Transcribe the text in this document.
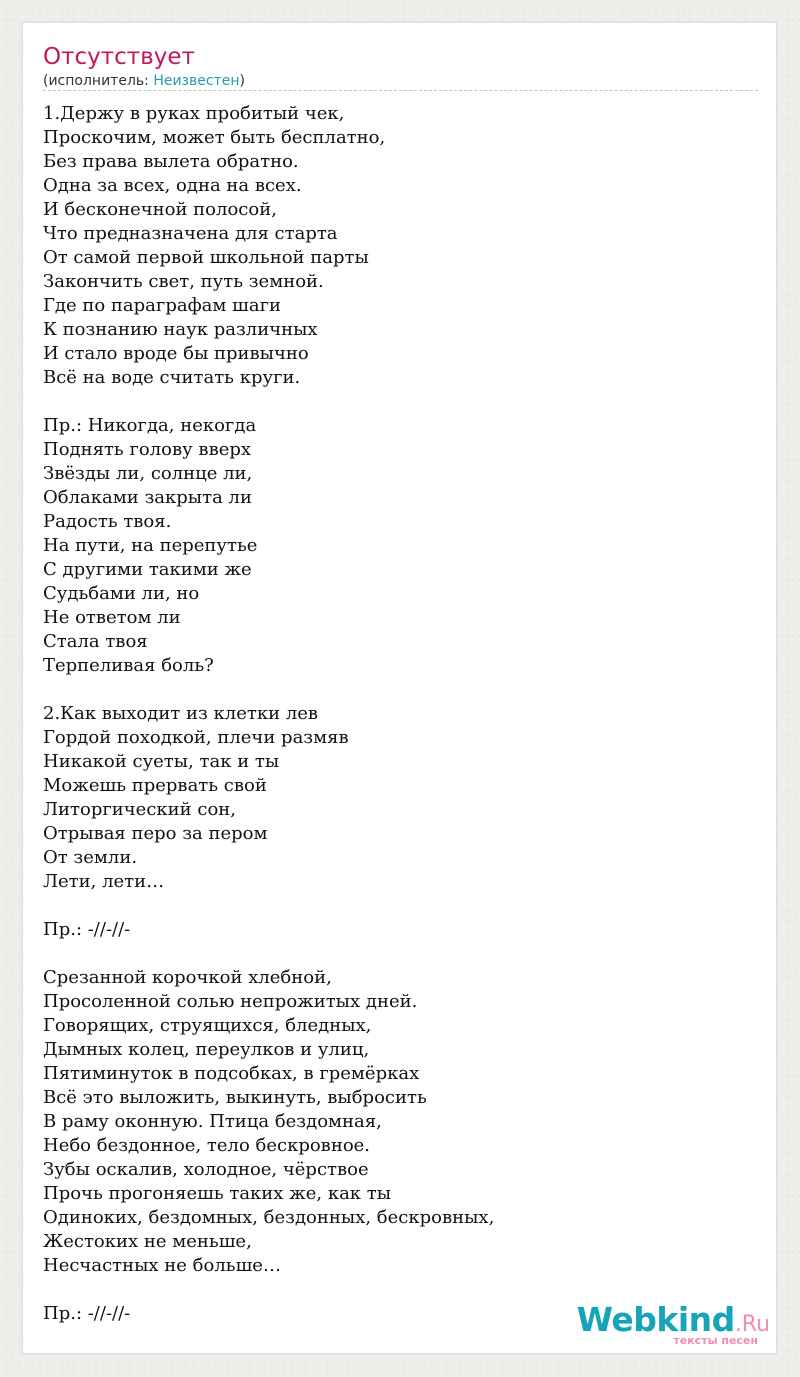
Отсутствует
(исполнитель: Неизвестен)
1.Держу в руках пробитый чек,
Проскочим, может быть бесплатно,
Без права вылета обратно.
Одна за всех, одна на всех.
И бесконечной полосой,
Что предназначена для старта
От самой первой школьной парты
Закончить свет, путь земной.
Где по параграфам шаги
К познанию наук различных
И стало вроде бы привычно
Всё на воде считать круги.
Пр.: Никогда, некогда
Поднять голову вверх
Звёзды ли, солнце ли,
Облаками закрыта ли
Радость твоя.
На пути, на перепутье
С другими такими же
Судьбами ли, но
Не ответом ли
Стала твоя
Терпеливая боль?
2.Как выходит из клетки лев
Гордой походкой, плечи размяв
Никакой суеты, так и ты
Можешь прервать свой
Литоргический сон,
Отрывая перо за пером
От земли.
Лети, лети…
Пр.: -//-//-
Срезанной корочкой хлебной,
Просоленной солью непрожитых дней.
Говорящих, струящихся, бледных,
Дымных колец, переулков и улиц,
Пятиминуток в подсобках, в гремёрках
Всё это выложить, выкинуть, выбросить
В раму оконную. Птица бездомная,
Небо бездонное, тело бескровное.
Зубы оскалив, холодное, чёрствое
Прочь прогоняешь таких же, как ты
Одиноких, бездомных, бездонных, бескровных,
Жестоких не меньше,
Несчастных не больше…
Пр.: -//-//-	Webkind.Ru
тексты песен
